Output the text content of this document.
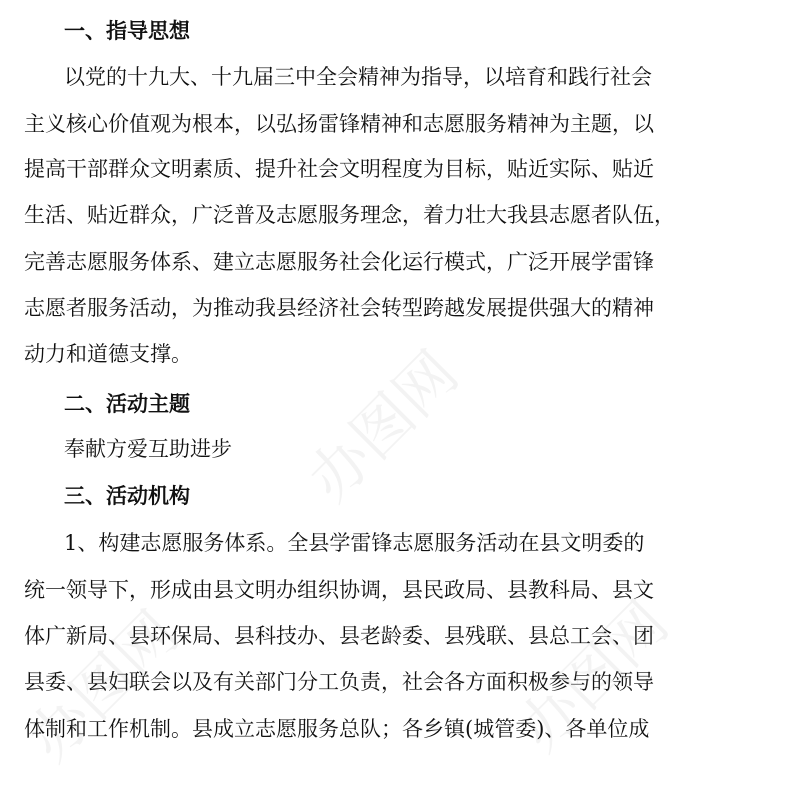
一、指导思想
以党的十九大、十九届三中全会精神为指导，以培育和践行社会
主义核心价值观为根本，以弘扬雷锋精神和志愿服务精神为主题，以
提高干部群众文明素质、提升社会文明程度为目标，贴近实际、贴近
生活、贴近群众，广泛普及志愿服务理念，着力壮大我县志愿者队伍，
完善志愿服务体系、建立志愿服务社会化运行模式，广泛开展学雷锋
志愿者服务活动，为推动我县经济社会转型跨越发展提供强大的精神
动力和道德支撑。
二、活动主题
奉献方爱互助进步
三、活动机构
1、构建志愿服务体系。全县学雷锋志愿服务活动在县文明委的
统一领导下，形成由县文明办组织协调，县民政局、县教科局、县文
体广新局、县环保局、县科技办、县老龄委、县残联、县总工会、团
县委、县妇联会以及有关部门分工负责，社会各方面积极参与的领导
体制和工作机制。县成立志愿服务总队；各乡镇(城管委)、各单位成
办图网
办图网	办图网
